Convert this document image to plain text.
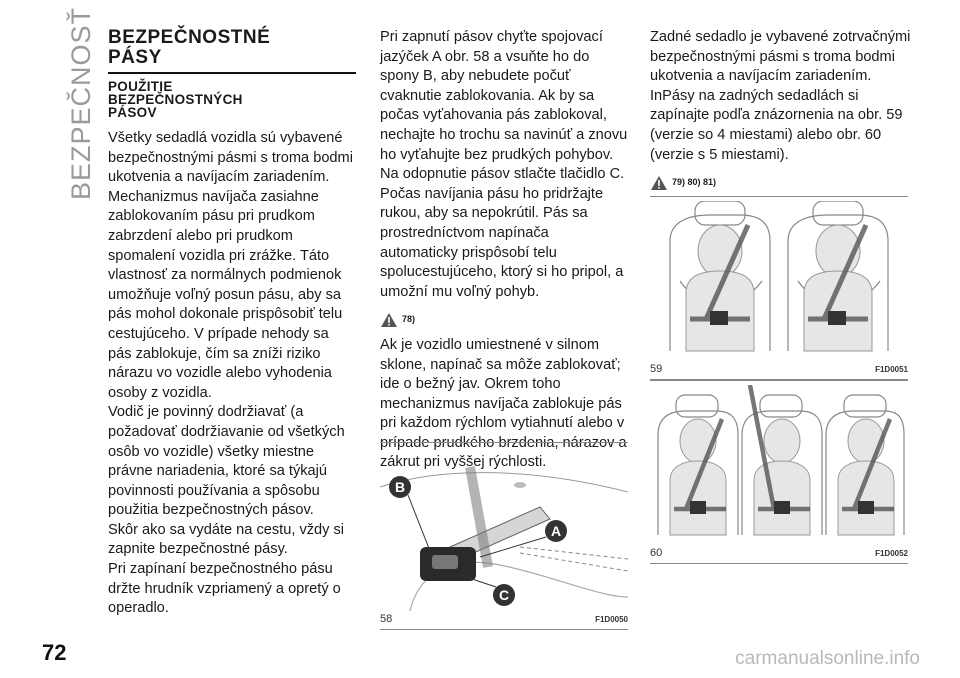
BEZPEČNOSŤ
72
BEZPEČNOSTNÉ
PÁSY
POUŽITIE
BEZPEČNOSTNÝCH
PÁSOV

Všetky sedadlá vozidla sú vybavené bezpečnostnými pásmi s troma bodmi ukotvenia a navíjacím zariadením. Mechanizmus navíjača zasiahne zablokovaním pásu pri prudkom zabrzdení alebo pri prudkom spomalení vozidla pri zrážke. Táto vlastnosť za normálnych podmienok umožňuje voľný posun pásu, aby sa pás mohol dokonale prispôsobiť telu cestujúceho. V prípade nehody sa pás zablokuje, čím sa zníži riziko nárazu vo vozidle alebo vyhodenia osoby z vozidla.

Vodič je povinný dodržiavať (a požadovať dodržiavanie od všetkých osôb vo vozidle) všetky miestne právne nariadenia, ktoré sa týkajú povinnosti používania a spôsobu použitia bezpečnostných pásov.

Skôr ako sa vydáte na cestu, vždy si zapnite bezpečnostné pásy.

Pri zapínaní bezpečnostného pásu držte hrudník vzpriamený a opretý o operadlo.

Pri zapnutí pásov chyťte spojovací jazýček A obr. 58 a vsuňte ho do spony B, aby nebudete počuť cvaknutie zablokovania. Ak by sa počas vyťahovania pás zablokoval, nechajte ho trochu sa navinúť a znovu ho vyťahujte bez prudkých pohybov.

Na odopnutie pásov stlačte tlačidlo C. Počas navíjania pásu ho pridržajte rukou, aby sa nepokrútil. Pás sa prostredníctvom napínača automaticky prispôsobí telu spolucestujúceho, ktorý si ho pripol, a umožní mu voľný pohyb.

78)

Ak je vozidlo umiestnené v silnom sklone, napínač sa môže zablokovať; ide o bežný jav. Okrem toho mechanizmus navíjača zablokuje pás pri každom rýchlom vytiahnutí alebo v prípade prudkého brzdenia, nárazov a zákrut pri vyššej rýchlosti.

Zadné sedadlo je vybavené zotrvačnými bezpečnostnými pásmi s troma bodmi ukotvenia a navíjacím zariadením.

InPásy na zadných sedadlách si zapínajte podľa znázornenia na obr. 59 (verzie so 4 miestami) alebo obr. 60 (verzie s 5 miestami).

79) 80) 81)
B
A
C
58	F1D0050
59	F1D0051
60	F1D0052
carmanualsonline.info
